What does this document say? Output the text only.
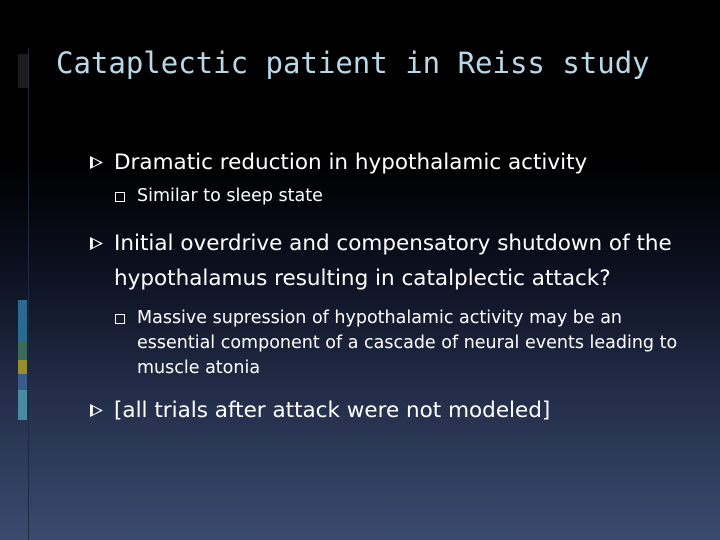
Cataplectic patient in Reiss study
Dramatic reduction in hypothalamic activity
Similar to sleep state
Initial overdrive and compensatory shutdown of the hypothalamus resulting in catalplectic attack?
Massive supression of hypothalamic activity may be an essential component of a cascade of neural events leading to muscle atonia
[all trials after attack were not modeled]
